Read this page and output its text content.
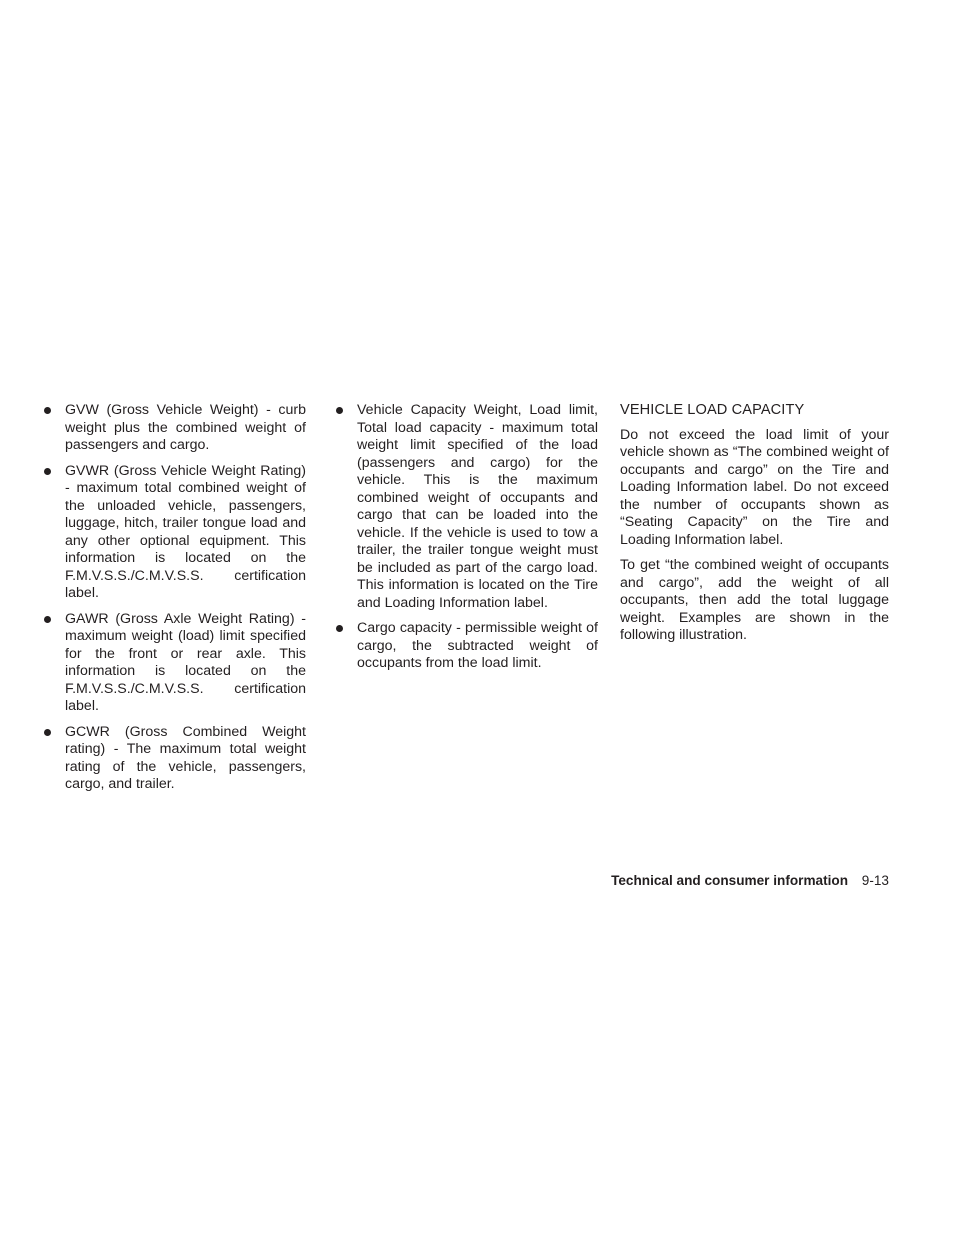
GVW (Gross Vehicle Weight) - curb weight plus the combined weight of passengers and cargo.
GVWR (Gross Vehicle Weight Rating) - maximum total combined weight of the unloaded vehicle, passengers, luggage, hitch, trailer tongue load and any other optional equipment. This information is located on the F.M.V.S.S./C.M.V.S.S. certification label.
GAWR (Gross Axle Weight Rating) - maximum weight (load) limit specified for the front or rear axle. This information is located on the F.M.V.S.S./C.M.V.S.S. certification label.
GCWR (Gross Combined Weight rating) - The maximum total weight rating of the vehicle, passengers, cargo, and trailer.
Vehicle Capacity Weight, Load limit, Total load capacity - maximum total weight limit specified of the load (passengers and cargo) for the vehicle. This is the maximum combined weight of occupants and cargo that can be loaded into the vehicle. If the vehicle is used to tow a trailer, the trailer tongue weight must be included as part of the cargo load. This information is located on the Tire and Loading Information label.
Cargo capacity - permissible weight of cargo, the subtracted weight of occupants from the load limit.
VEHICLE LOAD CAPACITY

Do not exceed the load limit of your vehicle shown as “The combined weight of occupants and cargo” on the Tire and Loading Information label. Do not exceed the number of occupants shown as “Seating Capacity” on the Tire and Loading Information label.

To get “the combined weight of occupants and cargo”, add the weight of all occupants, then add the total luggage weight. Examples are shown in the following illustration.

Technical and consumer information 9-13
